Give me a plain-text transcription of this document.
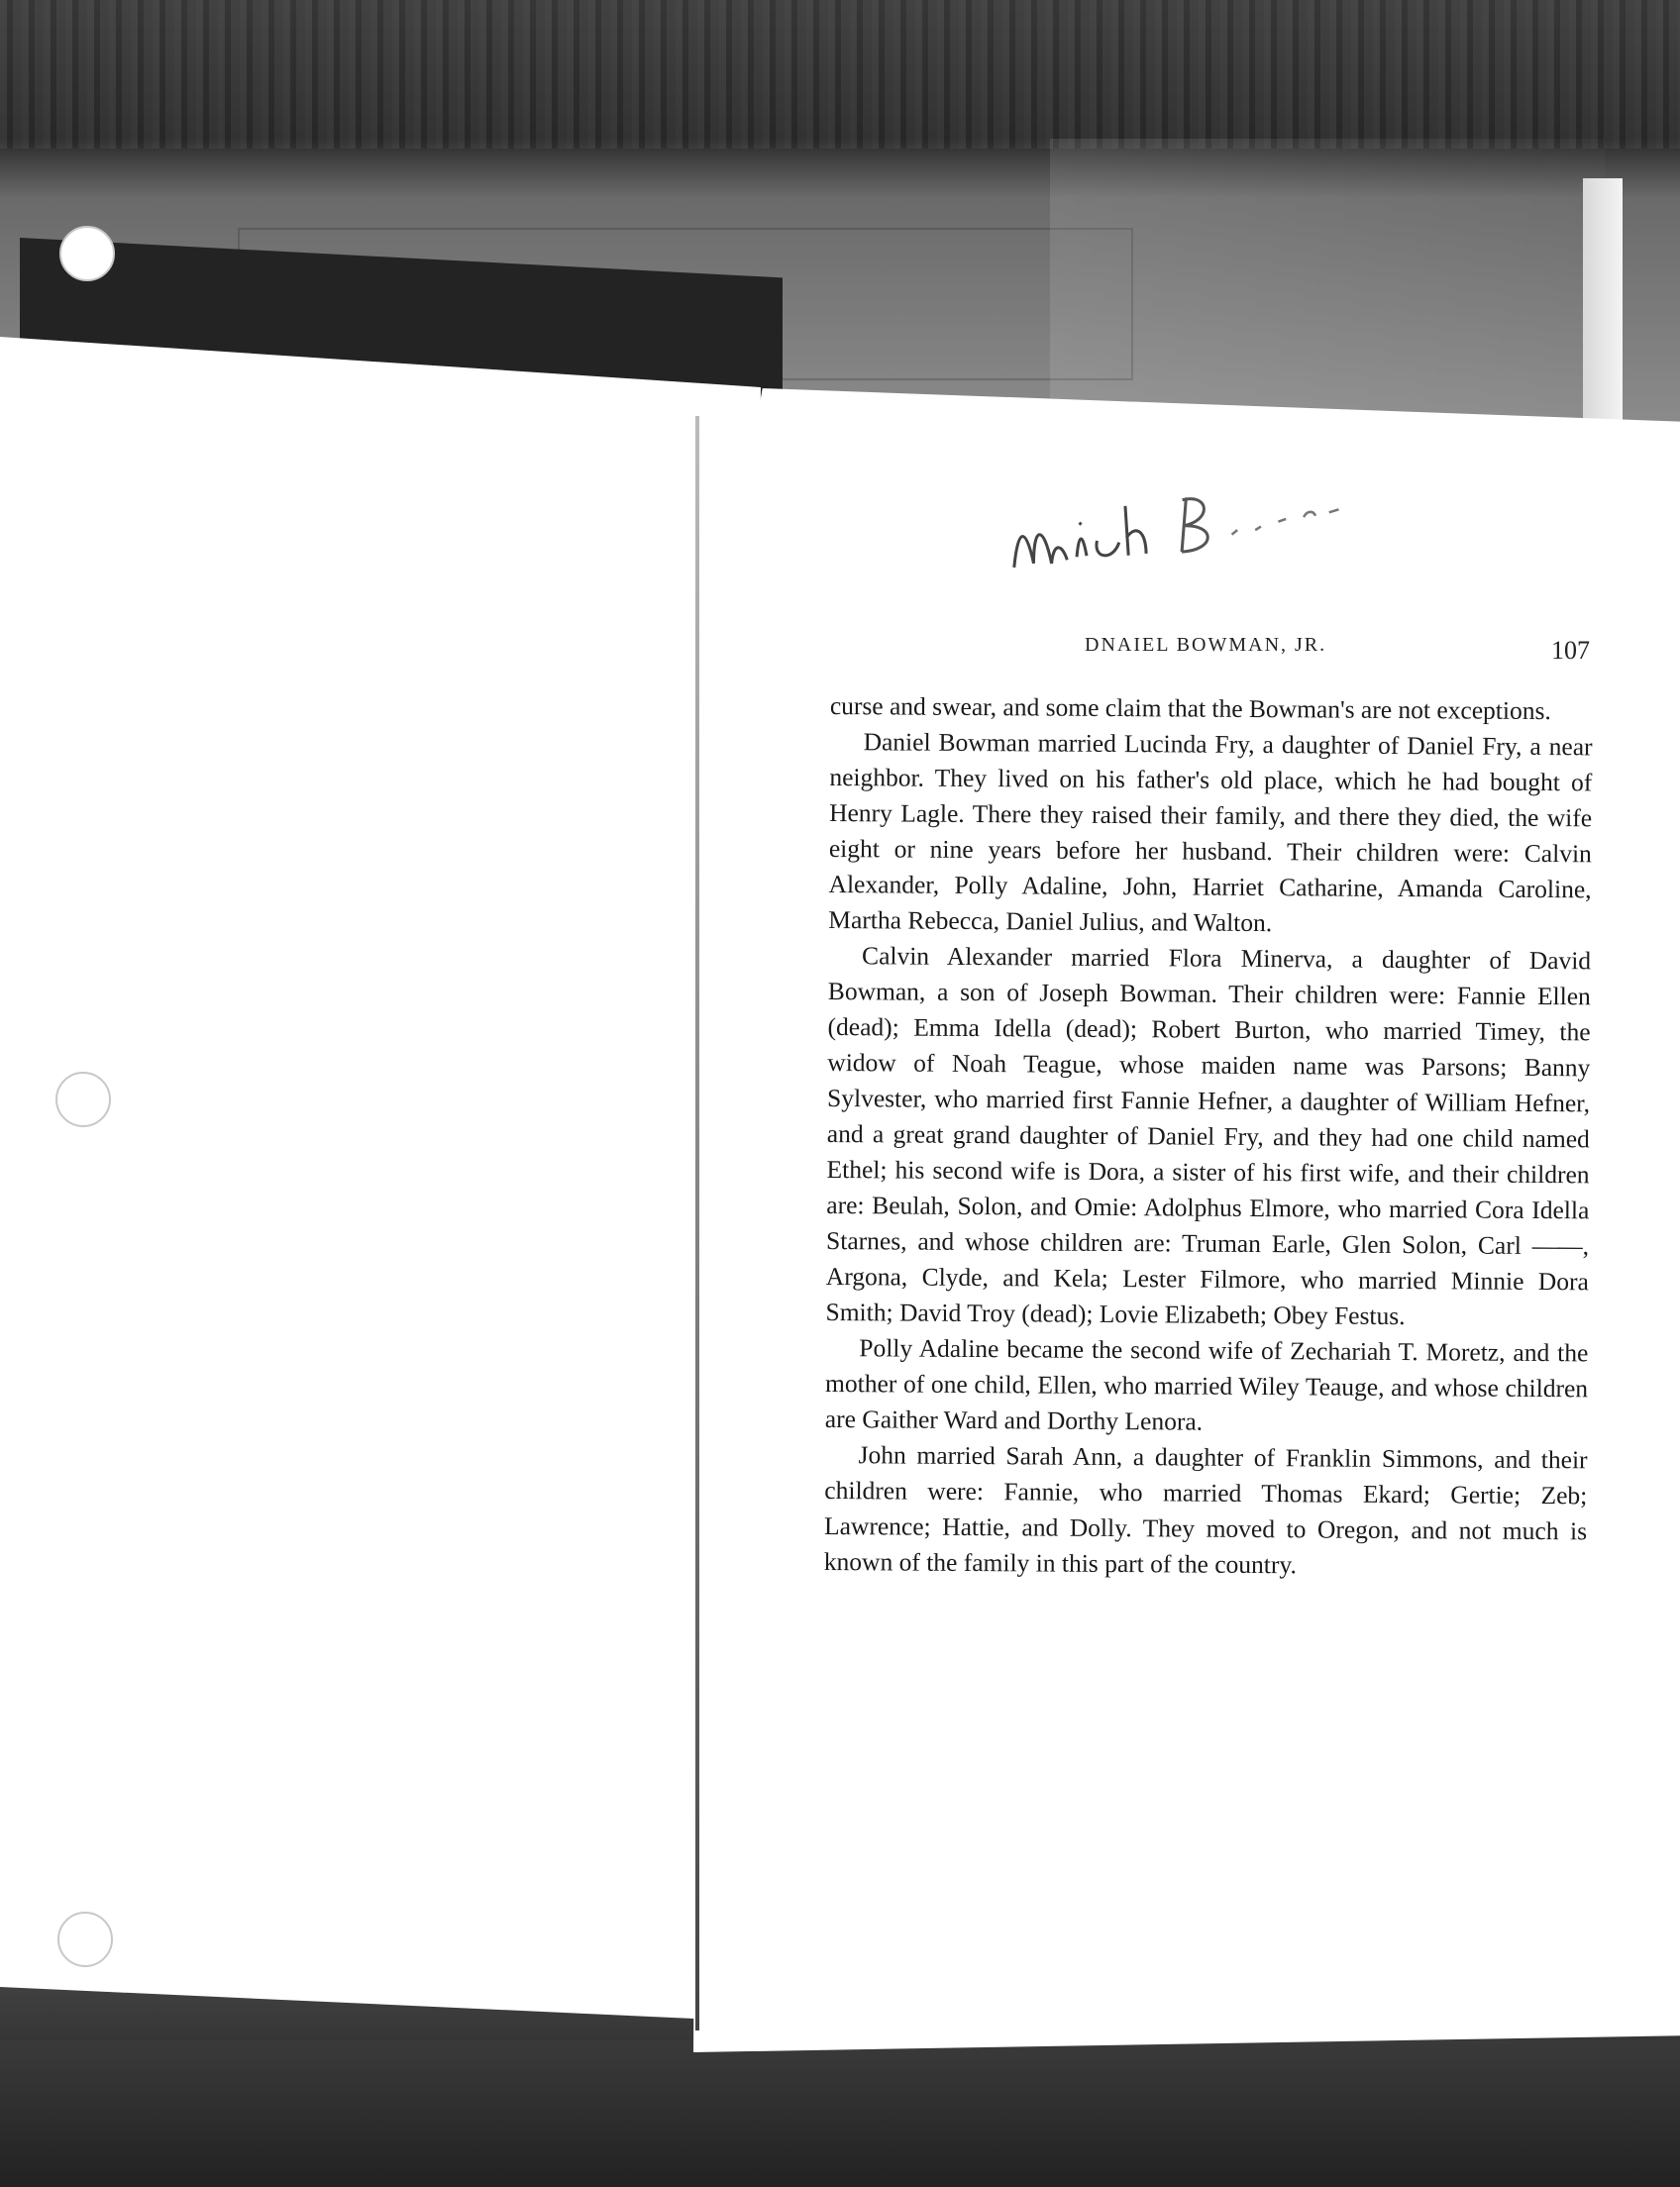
DNAIEL BOWMAN, JR.	107

curse and swear, and some claim that the Bowman's are not exceptions.

Daniel Bowman married Lucinda Fry, a daughter of Daniel Fry, a near neighbor. They lived on his father's old place, which he had bought of Henry Lagle. There they raised their family, and there they died, the wife eight or nine years before her husband. Their children were: Calvin Alexander, Polly Adaline, John, Harriet Catharine, Amanda Caroline, Martha Rebecca, Daniel Julius, and Walton.

Calvin Alexander married Flora Minerva, a daughter of David Bowman, a son of Joseph Bowman. Their children were: Fannie Ellen (dead); Emma Idella (dead); Robert Burton, who married Timey, the widow of Noah Teague, whose maiden name was Parsons; Banny Sylvester, who married first Fannie Hefner, a daughter of William Hefner, and a great grand daughter of Daniel Fry, and they had one child named Ethel; his second wife is Dora, a sister of his first wife, and their children are: Beulah, Solon, and Omie: Adolphus Elmore, who married Cora Idella Starnes, and whose children are: Truman Earle, Glen Solon, Carl ——, Argona, Clyde, and Kela; Lester Filmore, who married Minnie Dora Smith; David Troy (dead); Lovie Elizabeth; Obey Festus.

Polly Adaline became the second wife of Zechariah T. Moretz, and the mother of one child, Ellen, who married Wiley Teauge, and whose children are Gaither Ward and Dorthy Lenora.

John married Sarah Ann, a daughter of Franklin Simmons, and their children were: Fannie, who married Thomas Ekard; Gertie; Zeb; Lawrence; Hattie, and Dolly. They moved to Oregon, and not much is known of the family in this part of the country.
